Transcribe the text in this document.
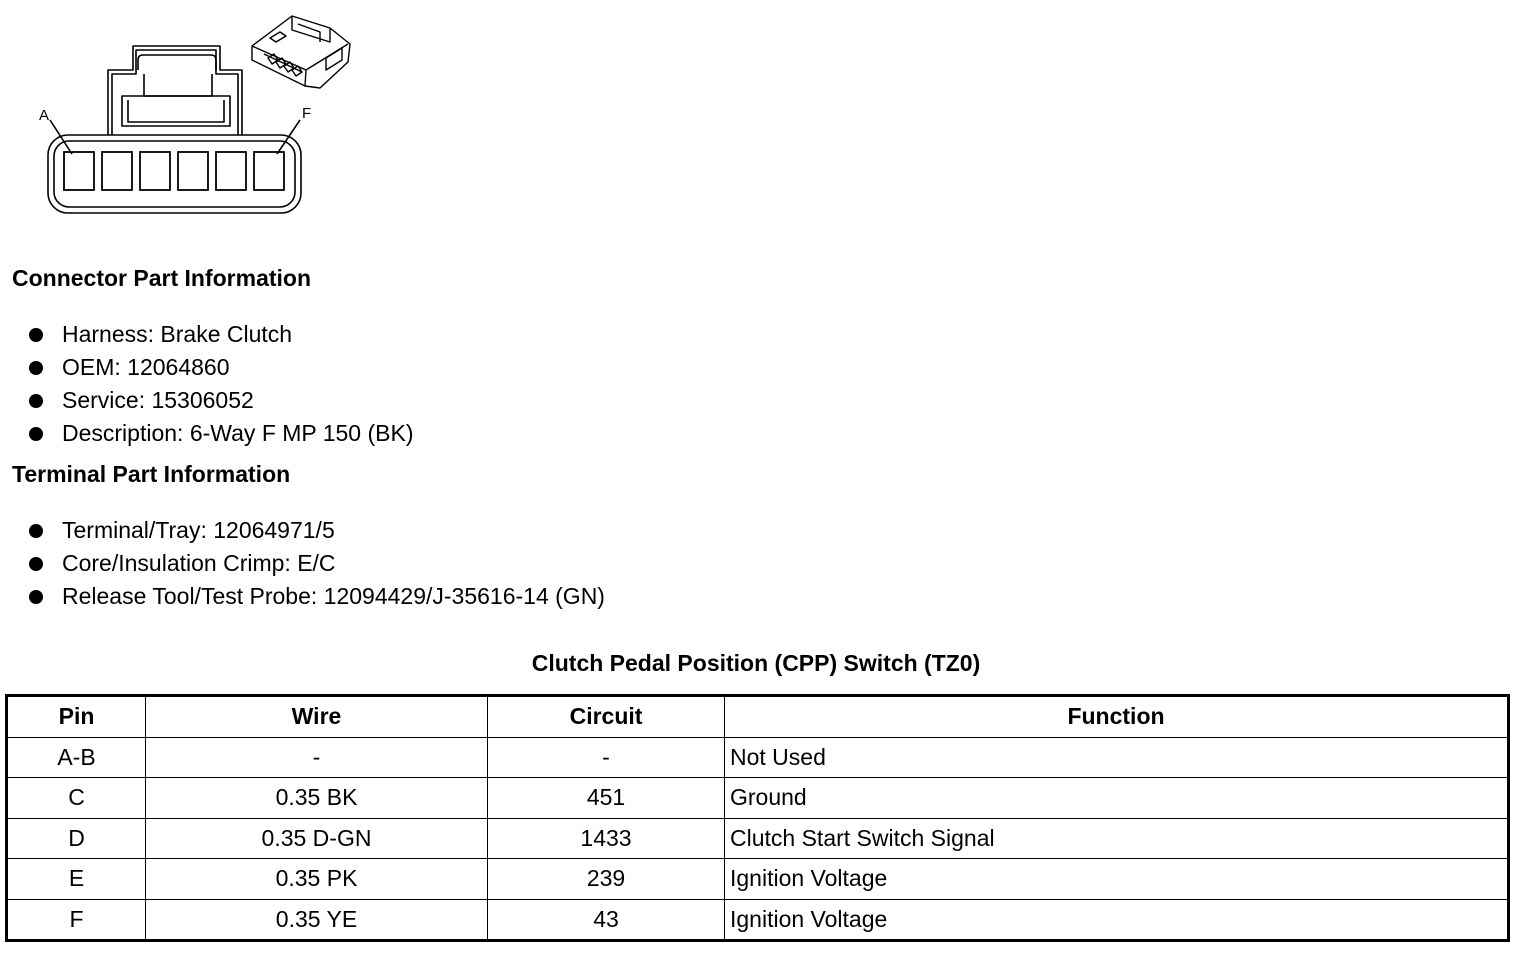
A	F
Connector Part Information
Harness: Brake Clutch
OEM: 12064860
Service: 15306052
Description: 6-Way F MP 150 (BK)
Terminal Part Information
Terminal/Tray: 12064971/5
Core/Insulation Crimp: E/C
Release Tool/Test Probe: 12094429/J-35616-14 (GN)
Clutch Pedal Position (CPP) Switch (TZ0)
Pin	Wire	Circuit	Function
A-B	-	-	Not Used
C	0.35 BK	451	Ground
D	0.35 D-GN	1433	Clutch Start Switch Signal
E	0.35 PK	239	Ignition Voltage
F	0.35 YE	43	Ignition Voltage
